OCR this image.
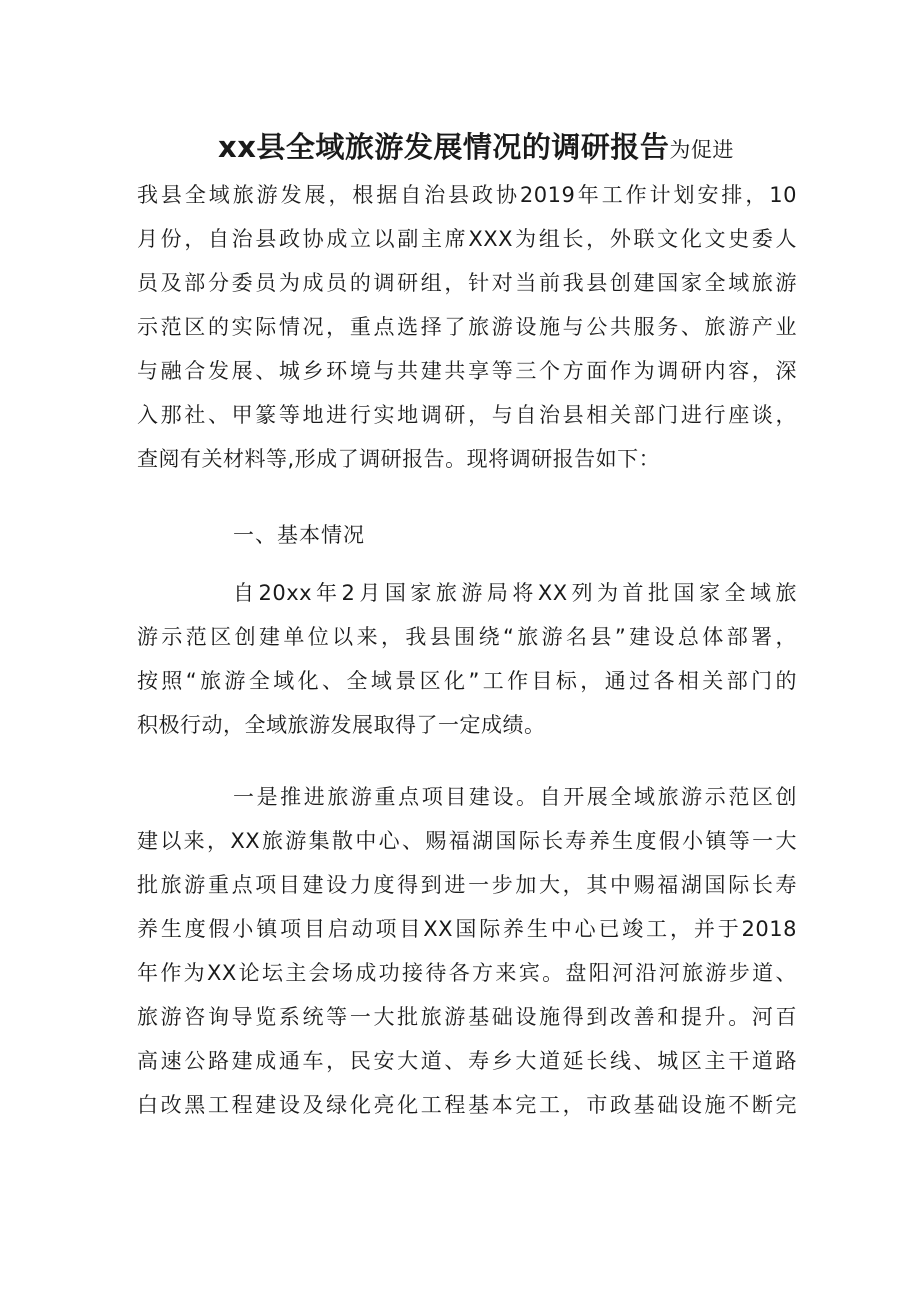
xx县全域旅游发展情况的调研报告为促进
我县全域旅游发展，根据自治县政协2019年工作计划安排，10
月份，自治县政协成立以副主席XXX为组长，外联文化文史委人
员及部分委员为成员的调研组，针对当前我县创建国家全域旅游
示范区的实际情况，重点选择了旅游设施与公共服务、旅游产业
与融合发展、城乡环境与共建共享等三个方面作为调研内容，深
入那社、甲篆等地进行实地调研，与自治县相关部门进行座谈，
查阅有关材料等,形成了调研报告。现将调研报告如下：
一、基本情况
自20xx年2月国家旅游局将XX列为首批国家全域旅
游示范区创建单位以来，我县围绕“旅游名县”建设总体部署，
按照“旅游全域化、全域景区化”工作目标，通过各相关部门的
积极行动，全域旅游发展取得了一定成绩。
一是推进旅游重点项目建设。自开展全域旅游示范区创
建以来，XX旅游集散中心、赐福湖国际长寿养生度假小镇等一大
批旅游重点项目建设力度得到进一步加大，其中赐福湖国际长寿
养生度假小镇项目启动项目XX国际养生中心已竣工，并于2018
年作为XX论坛主会场成功接待各方来宾。盘阳河沿河旅游步道、
旅游咨询导览系统等一大批旅游基础设施得到改善和提升。河百
高速公路建成通车，民安大道、寿乡大道延长线、城区主干道路
白改黑工程建设及绿化亮化工程基本完工，市政基础设施不断完
